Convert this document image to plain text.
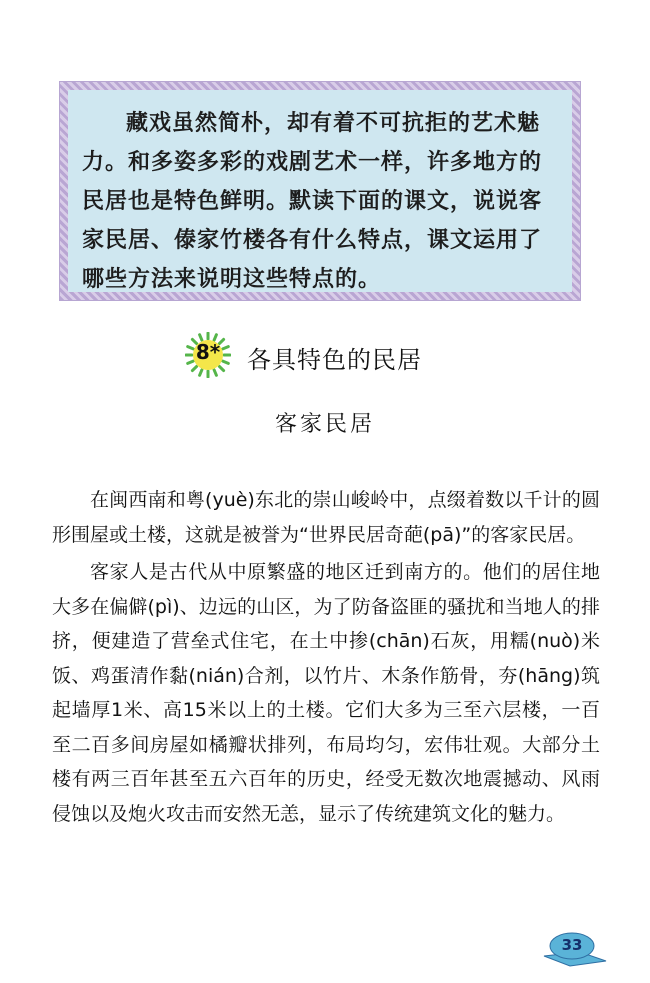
藏戏虽然简朴，却有着不可抗拒的艺术魅力。和多姿多彩的戏剧艺术一样，许多地方的民居也是特色鲜明。默读下面的课文，说说客家民居、傣家竹楼各有什么特点，课文运用了哪些方法来说明这些特点的。

8*	各具特色的民居
客家民居

在闽西南和粤(yuè)东北的崇山峻岭中，点缀着数以千计的圆形围屋或土楼，这就是被誉为“世界民居奇葩(pā)”的客家民居。

客家人是古代从中原繁盛的地区迁到南方的。他们的居住地大多在偏僻(pì)、边远的山区，为了防备盗匪的骚扰和当地人的排挤，便建造了营垒式住宅，在土中掺(chān)石灰，用糯(nuò)米饭、鸡蛋清作黏(nián)合剂，以竹片、木条作筋骨，夯(hāng)筑起墙厚1米、高15米以上的土楼。它们大多为三至六层楼，一百至二百多间房屋如橘瓣状排列，布局均匀，宏伟壮观。大部分土楼有两三百年甚至五六百年的历史，经受无数次地震撼动、风雨侵蚀以及炮火攻击而安然无恙，显示了传统建筑文化的魅力。

33
